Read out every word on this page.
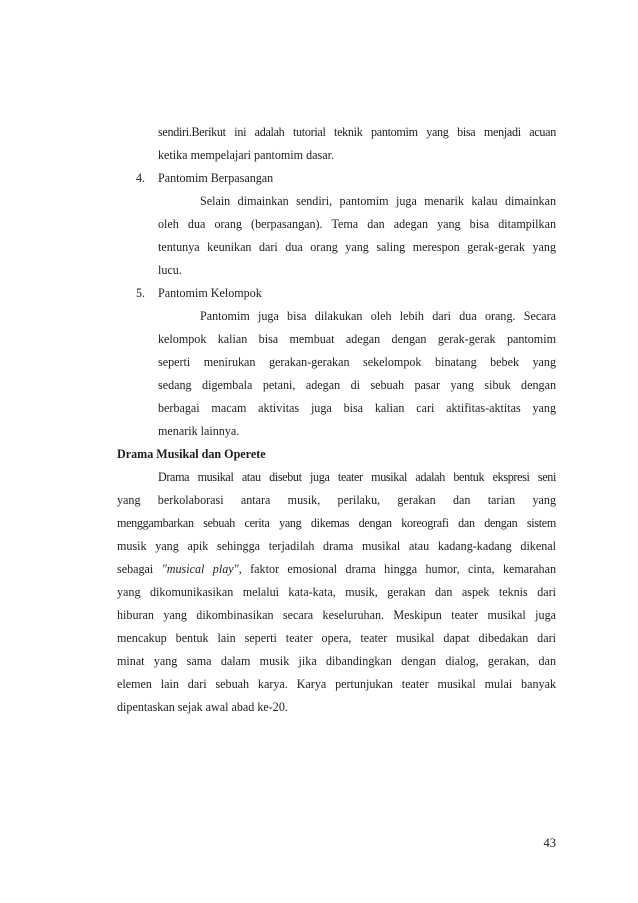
sendiri.Berikut ini adalah tutorial teknik pantomim yang bisa menjadi acuan
ketika mempelajari pantomim dasar.
4. Pantomim Berpasangan
Selain dimainkan sendiri, pantomim juga menarik kalau dimainkan
oleh dua orang (berpasangan). Tema dan adegan yang bisa ditampilkan
tentunya keunikan dari dua orang yang saling merespon gerak-gerak yang
lucu.
5. Pantomim Kelompok
Pantomim juga bisa dilakukan oleh lebih dari dua orang. Secara
kelompok kalian bisa membuat adegan dengan gerak-gerak pantomim
seperti menirukan gerakan-gerakan sekelompok binatang bebek yang
sedang digembala petani, adegan di sebuah pasar yang sibuk dengan
berbagai macam aktivitas juga bisa kalian cari aktifitas-aktitas yang
menarik lainnya.
Drama Musikal dan Operete
Drama musikal atau disebut juga teater musikal adalah bentuk ekspresi seni
yang berkolaborasi antara musik, perilaku, gerakan dan tarian yang
menggambarkan sebuah cerita yang dikemas dengan koreografi dan dengan sistem
musik yang apik sehingga terjadilah drama musikal atau kadang-kadang dikenal
sebagai "musical play", faktor emosional drama hingga humor, cinta, kemarahan
yang dikomunikasikan melalui kata-kata, musik, gerakan dan aspek teknis dari
hiburan yang dikombinasikan secara keseluruhan. Meskipun teater musikal juga
mencakup bentuk lain seperti teater opera, teater musikal dapat dibedakan dari
minat yang sama dalam musik jika dibandingkan dengan dialog, gerakan, dan
elemen lain dari sebuah karya. Karya pertunjukan teater musikal mulai banyak
dipentaskan sejak awal abad ke-20.
43
